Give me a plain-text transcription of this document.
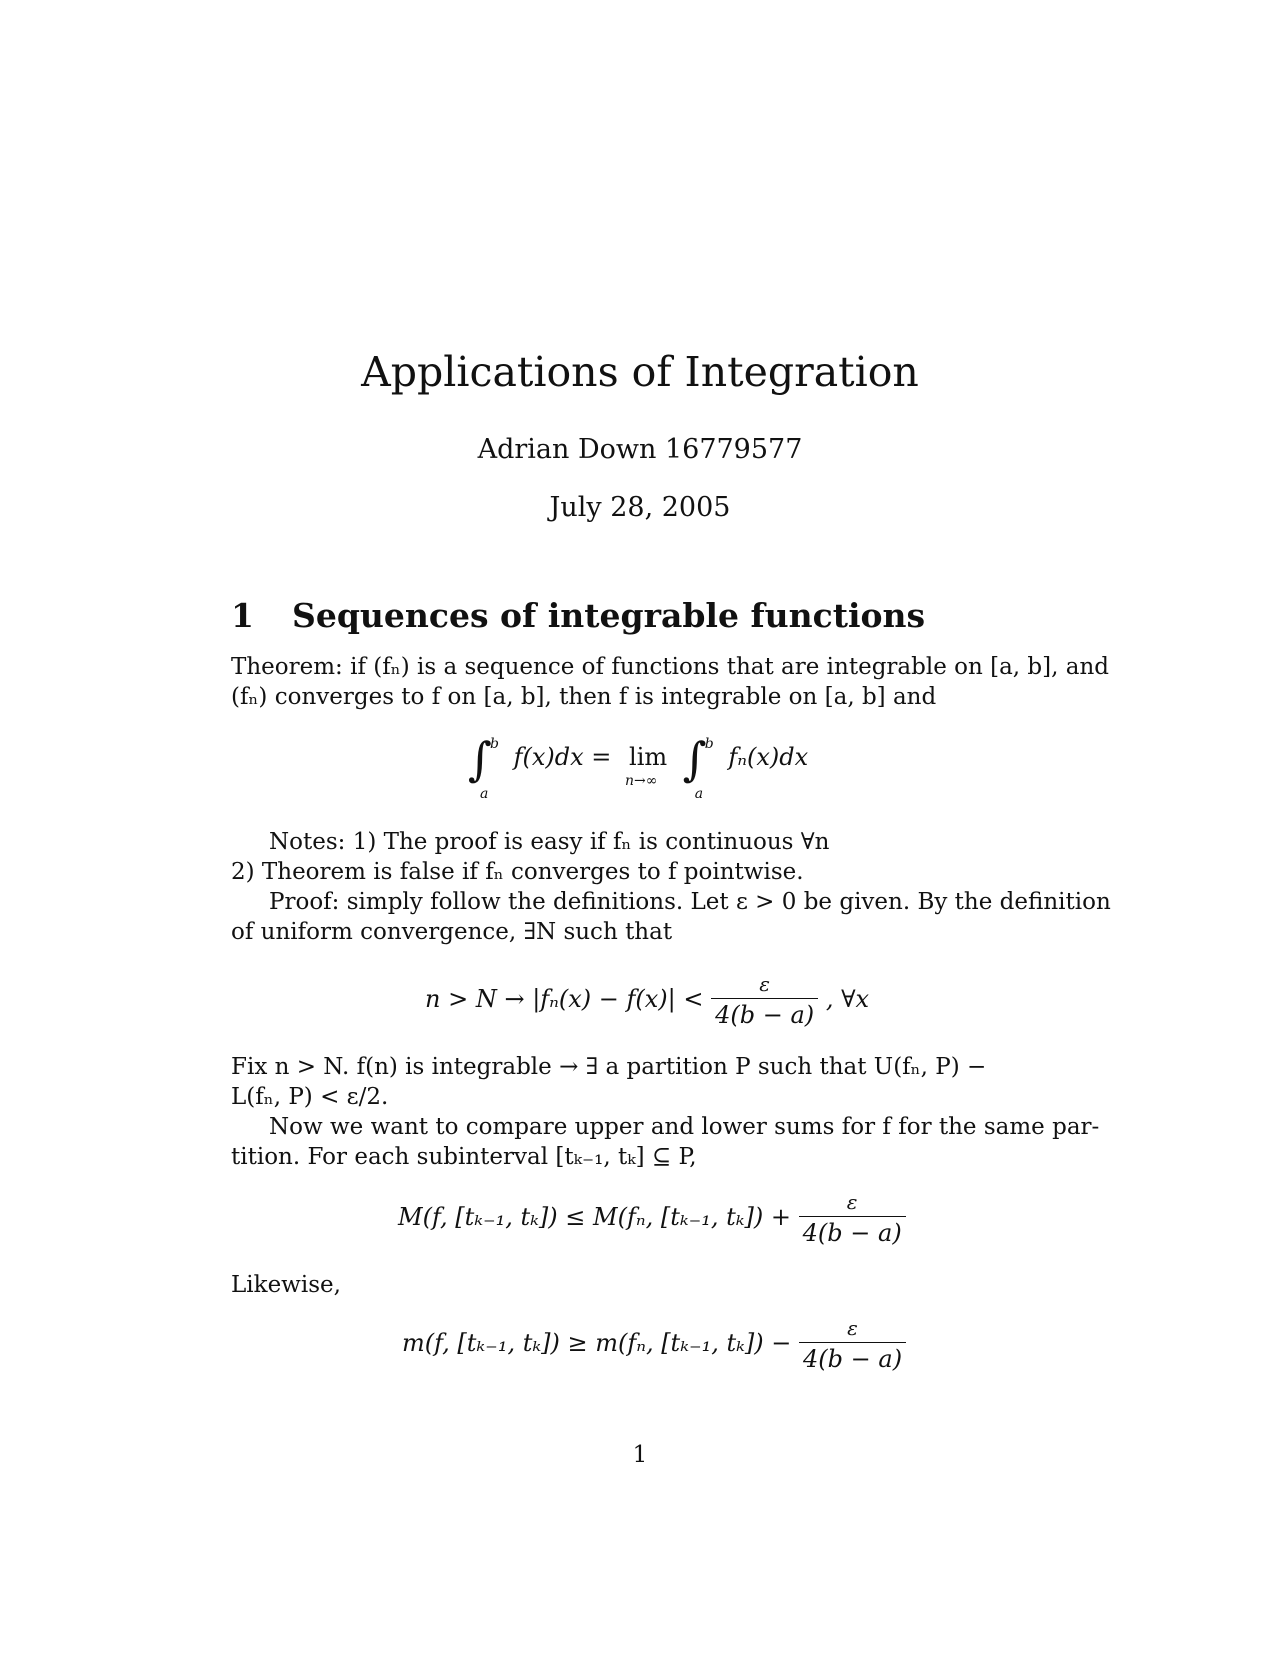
Applications of Integration
Adrian Down 16779577
July 28, 2005
1 Sequences of integrable functions
Theorem: if (fₙ) is a sequence of functions that are integrable on [a, b], and
(fₙ) converges to f on [a, b], then f is integrable on [a, b] and
∫
b
a
f(x)dx = lim
n→∞ ∫
b
a
fₙ(x)dx
Notes: 1) The proof is easy if fₙ is continuous ∀n
2) Theorem is false if fₙ converges to f pointwise.
Proof: simply follow the definitions. Let ε > 0 be given. By the definition
of uniform convergence, ∃N such that
$n > N \to |f_n(x) - f(x)| < \frac{\varepsilon}{4(b - a)}$ , ∀x
Fix n > N. f(n) is integrable → ∃ a partition P such that U(fₙ, P) −
L(fₙ, P) < ε/2.
Now we want to compare upper and lower sums for f for the same par-
tition. For each subinterval [tₖ₋₁, tₖ] ⊆ P,
M(f, [tₖ₋₁, tₖ]) ≤ M(fₙ, [tₖ₋₁, $t_k]) + \frac{\varepsilon}{4(b - a)}$
Likewise,
m(f, [tₖ₋₁, tₖ]) ≥ m(fₙ, [tₖ₋₁, $t_k]) - \frac{\varepsilon}{4(b - a)}$
1
